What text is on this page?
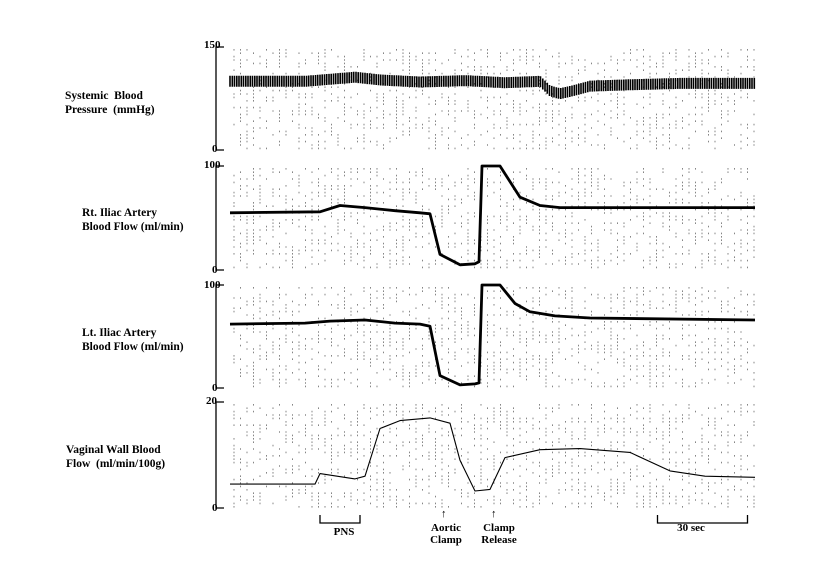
Systemic  Blood
Pressure  (mmHg)
Rt. Iliac Artery
Blood Flow (ml/min)
Lt. Iliac Artery
Blood Flow (ml/min)
Vaginal Wall Blood
Flow  (ml/min/100g)
150
0
100
0
100
0
20
0
PNS
↑
Aortic
Clamp
↑
Clamp
Release
30 sec
